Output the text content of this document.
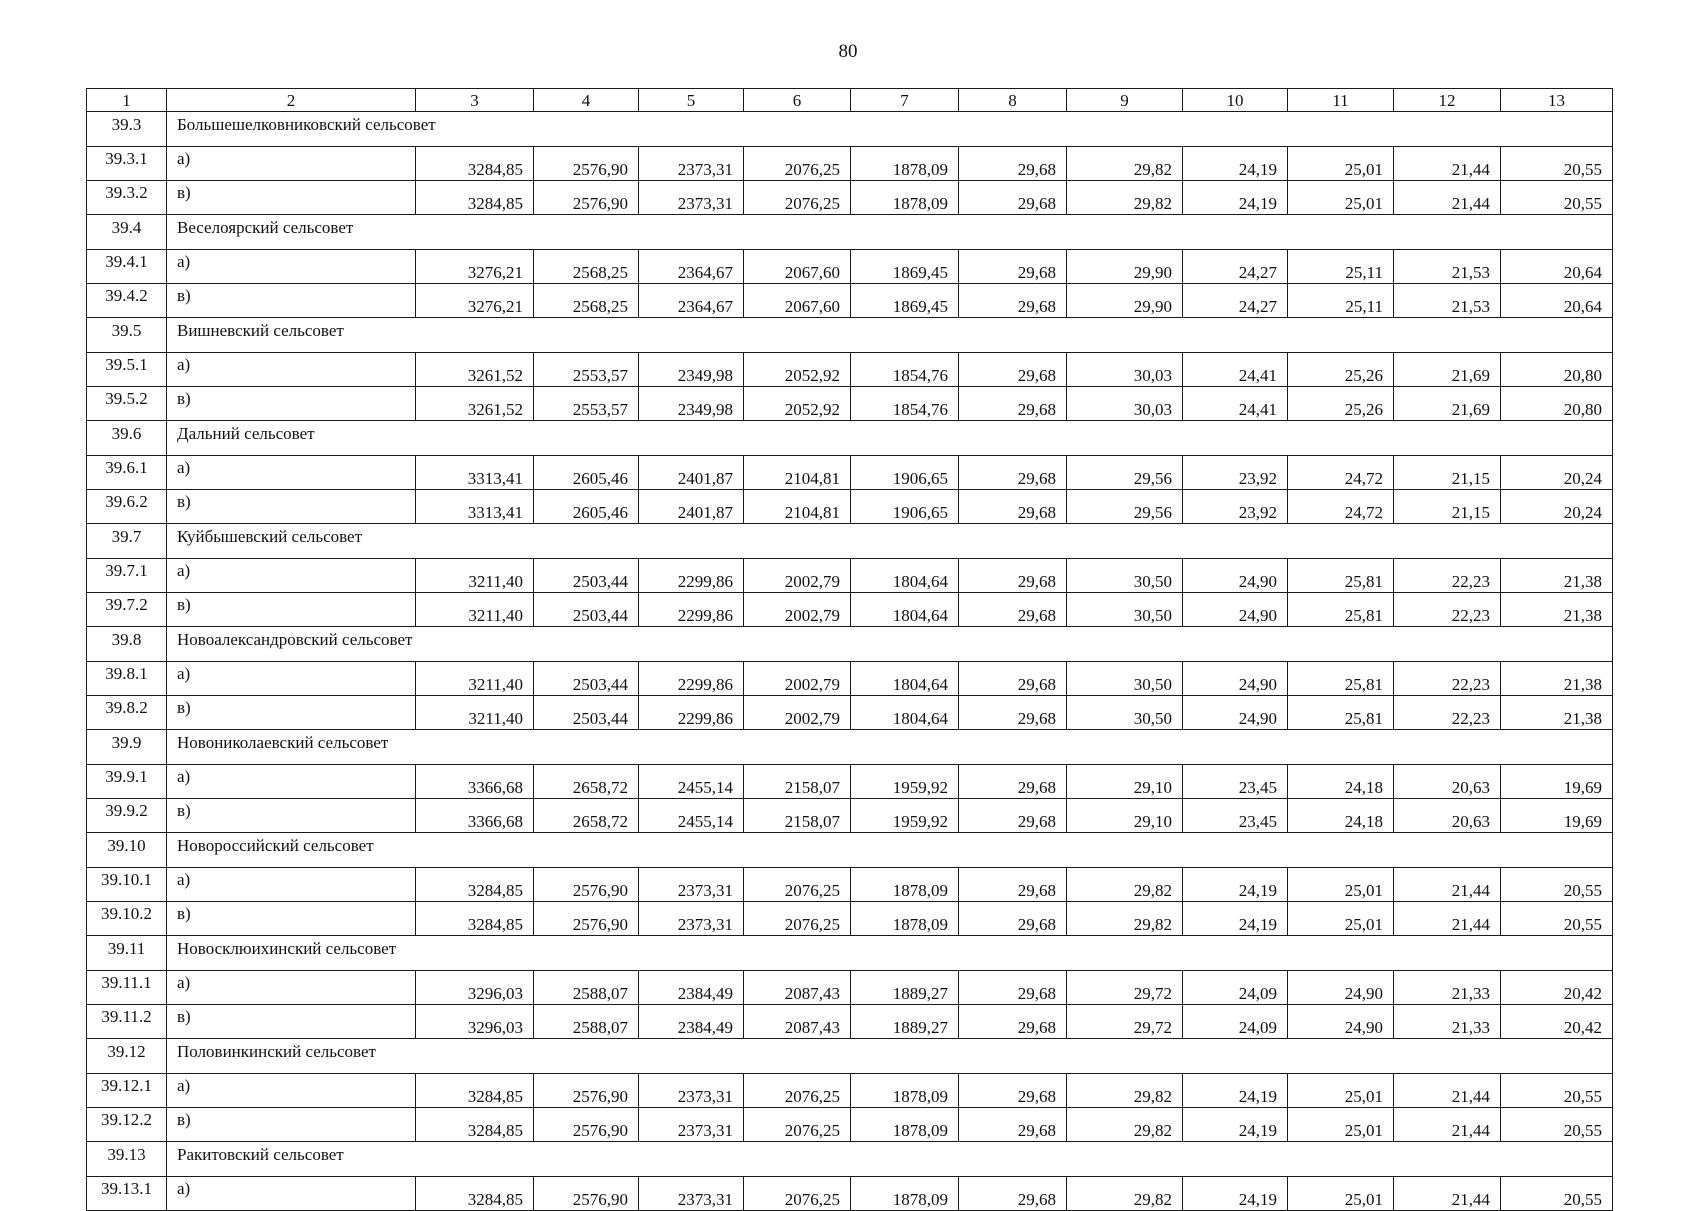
80
1	2	3	4	5	6	7	8	9	10	11	12	13
39.3	Большешелковниковский сельсовет											
39.3.1	а)	3284,85	2576,90	2373,31	2076,25	1878,09	29,68	29,82	24,19	25,01	21,44	20,55
39.3.2	в)	3284,85	2576,90	2373,31	2076,25	1878,09	29,68	29,82	24,19	25,01	21,44	20,55
39.4	Веселоярский сельсовет											
39.4.1	а)	3276,21	2568,25	2364,67	2067,60	1869,45	29,68	29,90	24,27	25,11	21,53	20,64
39.4.2	в)	3276,21	2568,25	2364,67	2067,60	1869,45	29,68	29,90	24,27	25,11	21,53	20,64
39.5	Вишневский сельсовет											
39.5.1	а)	3261,52	2553,57	2349,98	2052,92	1854,76	29,68	30,03	24,41	25,26	21,69	20,80
39.5.2	в)	3261,52	2553,57	2349,98	2052,92	1854,76	29,68	30,03	24,41	25,26	21,69	20,80
39.6	Дальний сельсовет											
39.6.1	а)	3313,41	2605,46	2401,87	2104,81	1906,65	29,68	29,56	23,92	24,72	21,15	20,24
39.6.2	в)	3313,41	2605,46	2401,87	2104,81	1906,65	29,68	29,56	23,92	24,72	21,15	20,24
39.7	Куйбышевский сельсовет											
39.7.1	а)	3211,40	2503,44	2299,86	2002,79	1804,64	29,68	30,50	24,90	25,81	22,23	21,38
39.7.2	в)	3211,40	2503,44	2299,86	2002,79	1804,64	29,68	30,50	24,90	25,81	22,23	21,38
39.8	Новоалександровский сельсовет											
39.8.1	а)	3211,40	2503,44	2299,86	2002,79	1804,64	29,68	30,50	24,90	25,81	22,23	21,38
39.8.2	в)	3211,40	2503,44	2299,86	2002,79	1804,64	29,68	30,50	24,90	25,81	22,23	21,38
39.9	Новониколаевский сельсовет											
39.9.1	а)	3366,68	2658,72	2455,14	2158,07	1959,92	29,68	29,10	23,45	24,18	20,63	19,69
39.9.2	в)	3366,68	2658,72	2455,14	2158,07	1959,92	29,68	29,10	23,45	24,18	20,63	19,69
39.10	Новороссийский сельсовет											
39.10.1	а)	3284,85	2576,90	2373,31	2076,25	1878,09	29,68	29,82	24,19	25,01	21,44	20,55
39.10.2	в)	3284,85	2576,90	2373,31	2076,25	1878,09	29,68	29,82	24,19	25,01	21,44	20,55
39.11	Новосклюихинский сельсовет											
39.11.1	а)	3296,03	2588,07	2384,49	2087,43	1889,27	29,68	29,72	24,09	24,90	21,33	20,42
39.11.2	в)	3296,03	2588,07	2384,49	2087,43	1889,27	29,68	29,72	24,09	24,90	21,33	20,42
39.12	Половинкинский сельсовет											
39.12.1	а)	3284,85	2576,90	2373,31	2076,25	1878,09	29,68	29,82	24,19	25,01	21,44	20,55
39.12.2	в)	3284,85	2576,90	2373,31	2076,25	1878,09	29,68	29,82	24,19	25,01	21,44	20,55
39.13	Ракитовский сельсовет											
39.13.1	а)	3284,85	2576,90	2373,31	2076,25	1878,09	29,68	29,82	24,19	25,01	21,44	20,55
